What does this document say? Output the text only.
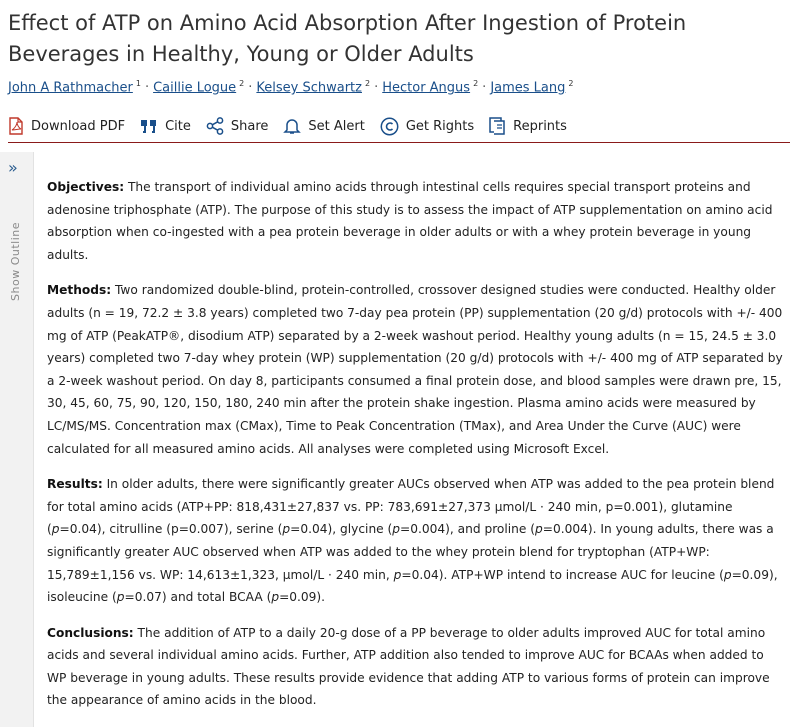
Effect of ATP on Amino Acid Absorption After Ingestion of Protein Beverages in Healthy, Young or Older Adults
John A Rathmacher $^1$ · Caillie Logue $^2$ · Kelsey Schwartz $^2$ · Hector Angus $^2$ · James Lang $^2$
Download PDF	Cite	Share	Set Alert	Get Rights	Reprints
»
Show Outline

Objectives: The transport of individual amino acids through intestinal cells requires special transport proteins and adenosine triphosphate (ATP). The purpose of this study is to assess the impact of ATP supplementation on amino acid absorption when co-ingested with a pea protein beverage in older adults or with a whey protein beverage in young adults.

Methods: Two randomized double-blind, protein-controlled, crossover designed studies were conducted. Healthy older adults (n = 19, 72.2 ± 3.8 years) completed two 7-day pea protein (PP) supplementation (20 g/d) protocols with +/- 400 mg of ATP (PeakATP®, disodium ATP) separated by a 2-week washout period. Healthy young adults (n = 15, 24.5 ± 3.0 years) completed two 7-day whey protein (WP) supplementation (20 g/d) protocols with +/- 400 mg of ATP separated by a 2-week washout period. On day 8, participants consumed a final protein dose, and blood samples were drawn pre, 15, 30, 45, 60, 75, 90, 120, 150, 180, 240 min after the protein shake ingestion. Plasma amino acids were measured by LC/MS/MS. Concentration max (CMax), Time to Peak Concentration (TMax), and Area Under the Curve (AUC) were calculated for all measured amino acids. All analyses were completed using Microsoft Excel.

Results: In older adults, there were significantly greater AUCs observed when ATP was added to the pea protein blend for total amino acids (ATP+PP: 818,431±27,837 vs. PP: 783,691±27,373 μmol/L · 240 min, p=0.001), glutamine (p=0.04), citrulline (p=0.007), serine (p=0.04), glycine (p=0.004), and proline (p=0.004). In young adults, there was a significantly greater AUC observed when ATP was added to the whey protein blend for tryptophan (ATP+WP: 15,789±1,156 vs. WP: 14,613±1,323, μmol/L · 240 min, p=0.04). ATP+WP intend to increase AUC for leucine (p=0.09), isoleucine (p=0.07) and total BCAA (p=0.09).

Conclusions: The addition of ATP to a daily 20-g dose of a PP beverage to older adults improved AUC for total amino acids and several individual amino acids. Further, ATP addition also tended to improve AUC for BCAAs when added to WP beverage in young adults. These results provide evidence that adding ATP to various forms of protein can improve the appearance of amino acids in the blood.
